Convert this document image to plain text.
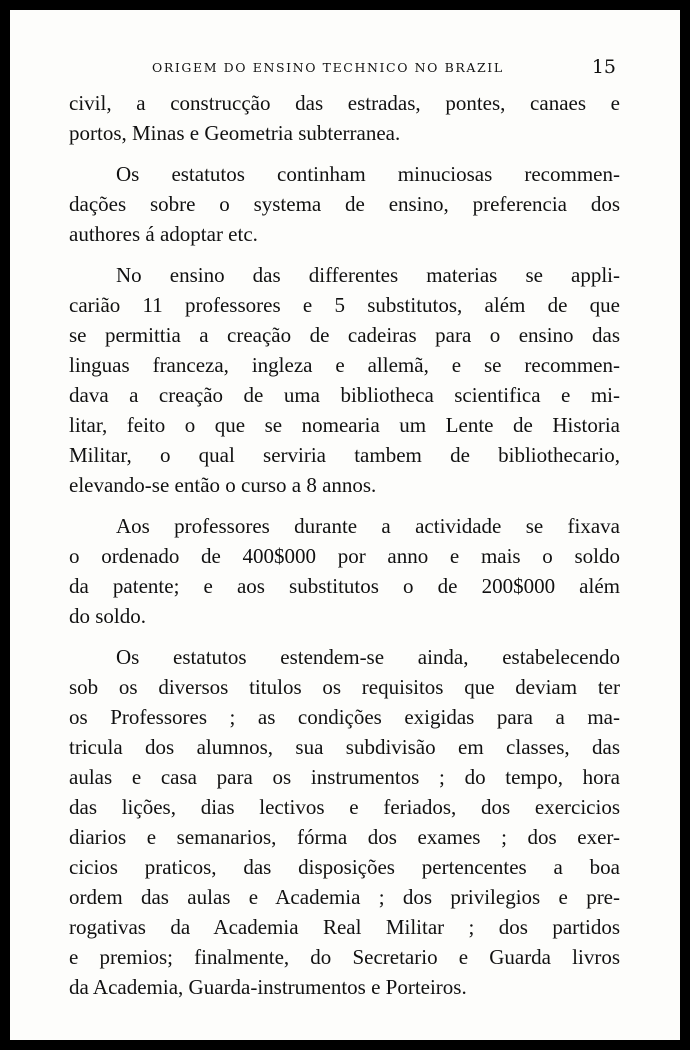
ORIGEM DO ENSINO TECHNICO NO BRAZIL	15
civil, a construcção das estradas, pontes, canaes e
portos, Minas e Geometria subterranea.
Os estatutos continham minuciosas recommen-
dações sobre o systema de ensino, preferencia dos
authores á adoptar etc.
No ensino das differentes materias se appli-
carião 11 professores e 5 substitutos, além de que
se permittia a creação de cadeiras para o ensino das
linguas franceza, ingleza e allemã, e se recommen-
dava a creação de uma bibliotheca scientifica e mi-
litar, feito o que se nomearia um Lente de Historia
Militar, o qual serviria tambem de bibliothecario,
elevando-se então o curso a 8 annos.
Aos professores durante a actividade se fixava
o ordenado de 400$000 por anno e mais o soldo
da patente; e aos substitutos o de 200$000 além
do soldo.
Os estatutos estendem-se ainda, estabelecendo
sob os diversos titulos os requisitos que deviam ter
os Professores ; as condições exigidas para a ma-
tricula dos alumnos, sua subdivisão em classes, das
aulas e casa para os instrumentos ; do tempo, hora
das lições, dias lectivos e feriados, dos exercicios
diarios e semanarios, fórma dos exames ; dos exer-
cicios praticos, das disposições pertencentes a boa
ordem das aulas e Academia ; dos privilegios e pre-
rogativas da Academia Real Militar ; dos partidos
e premios; finalmente, do Secretario e Guarda livros
da Academia, Guarda-instrumentos e Porteiros.
